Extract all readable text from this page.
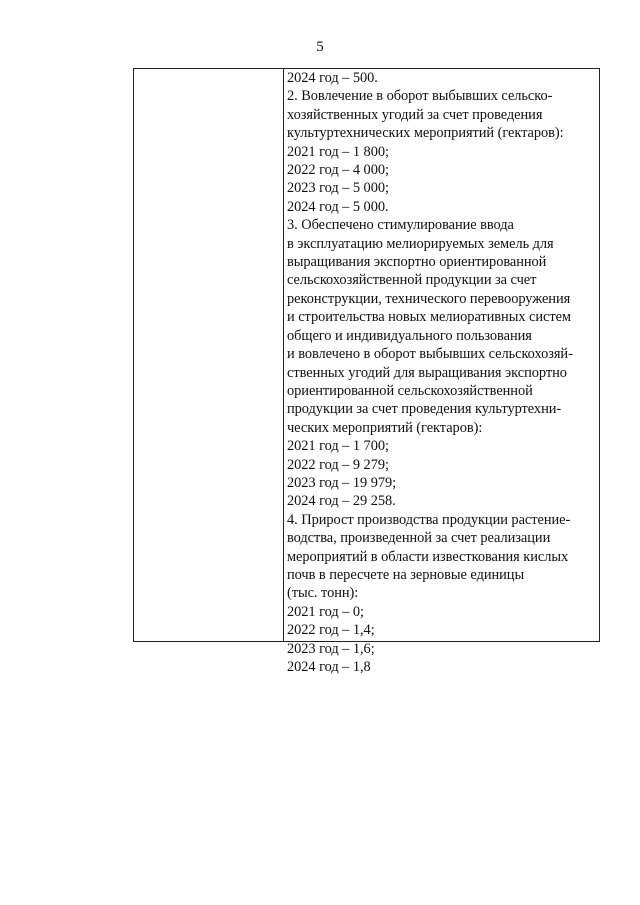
5
2024 год – 500.
2. Вовлечение в оборот выбывших сельско-
хозяйственных угодий за счет проведения
культуртехнических мероприятий (гектаров):
2021 год – 1 800;
2022 год – 4 000;
2023 год – 5 000;
2024 год – 5 000.
3. Обеспечено стимулирование ввода
в эксплуатацию мелиорируемых земель для
выращивания экспортно ориентированной
сельскохозяйственной продукции за счет
реконструкции, технического перевооружения
и строительства новых мелиоративных систем
общего и индивидуального пользования
и вовлечено в оборот выбывших сельскохозяй-
ственных угодий для выращивания экспортно
ориентированной сельскохозяйственной
продукции за счет проведения культуртехни-
ческих мероприятий (гектаров):
2021 год – 1 700;
2022 год – 9 279;
2023 год – 19 979;
2024 год – 29 258.
4. Прирост производства продукции растение-
водства, произведенной за счет реализации
мероприятий в области известкования кислых
почв в пересчете на зерновые единицы
(тыс. тонн):
2021 год – 0;
2022 год – 1,4;
2023 год – 1,6;
2024 год – 1,8
